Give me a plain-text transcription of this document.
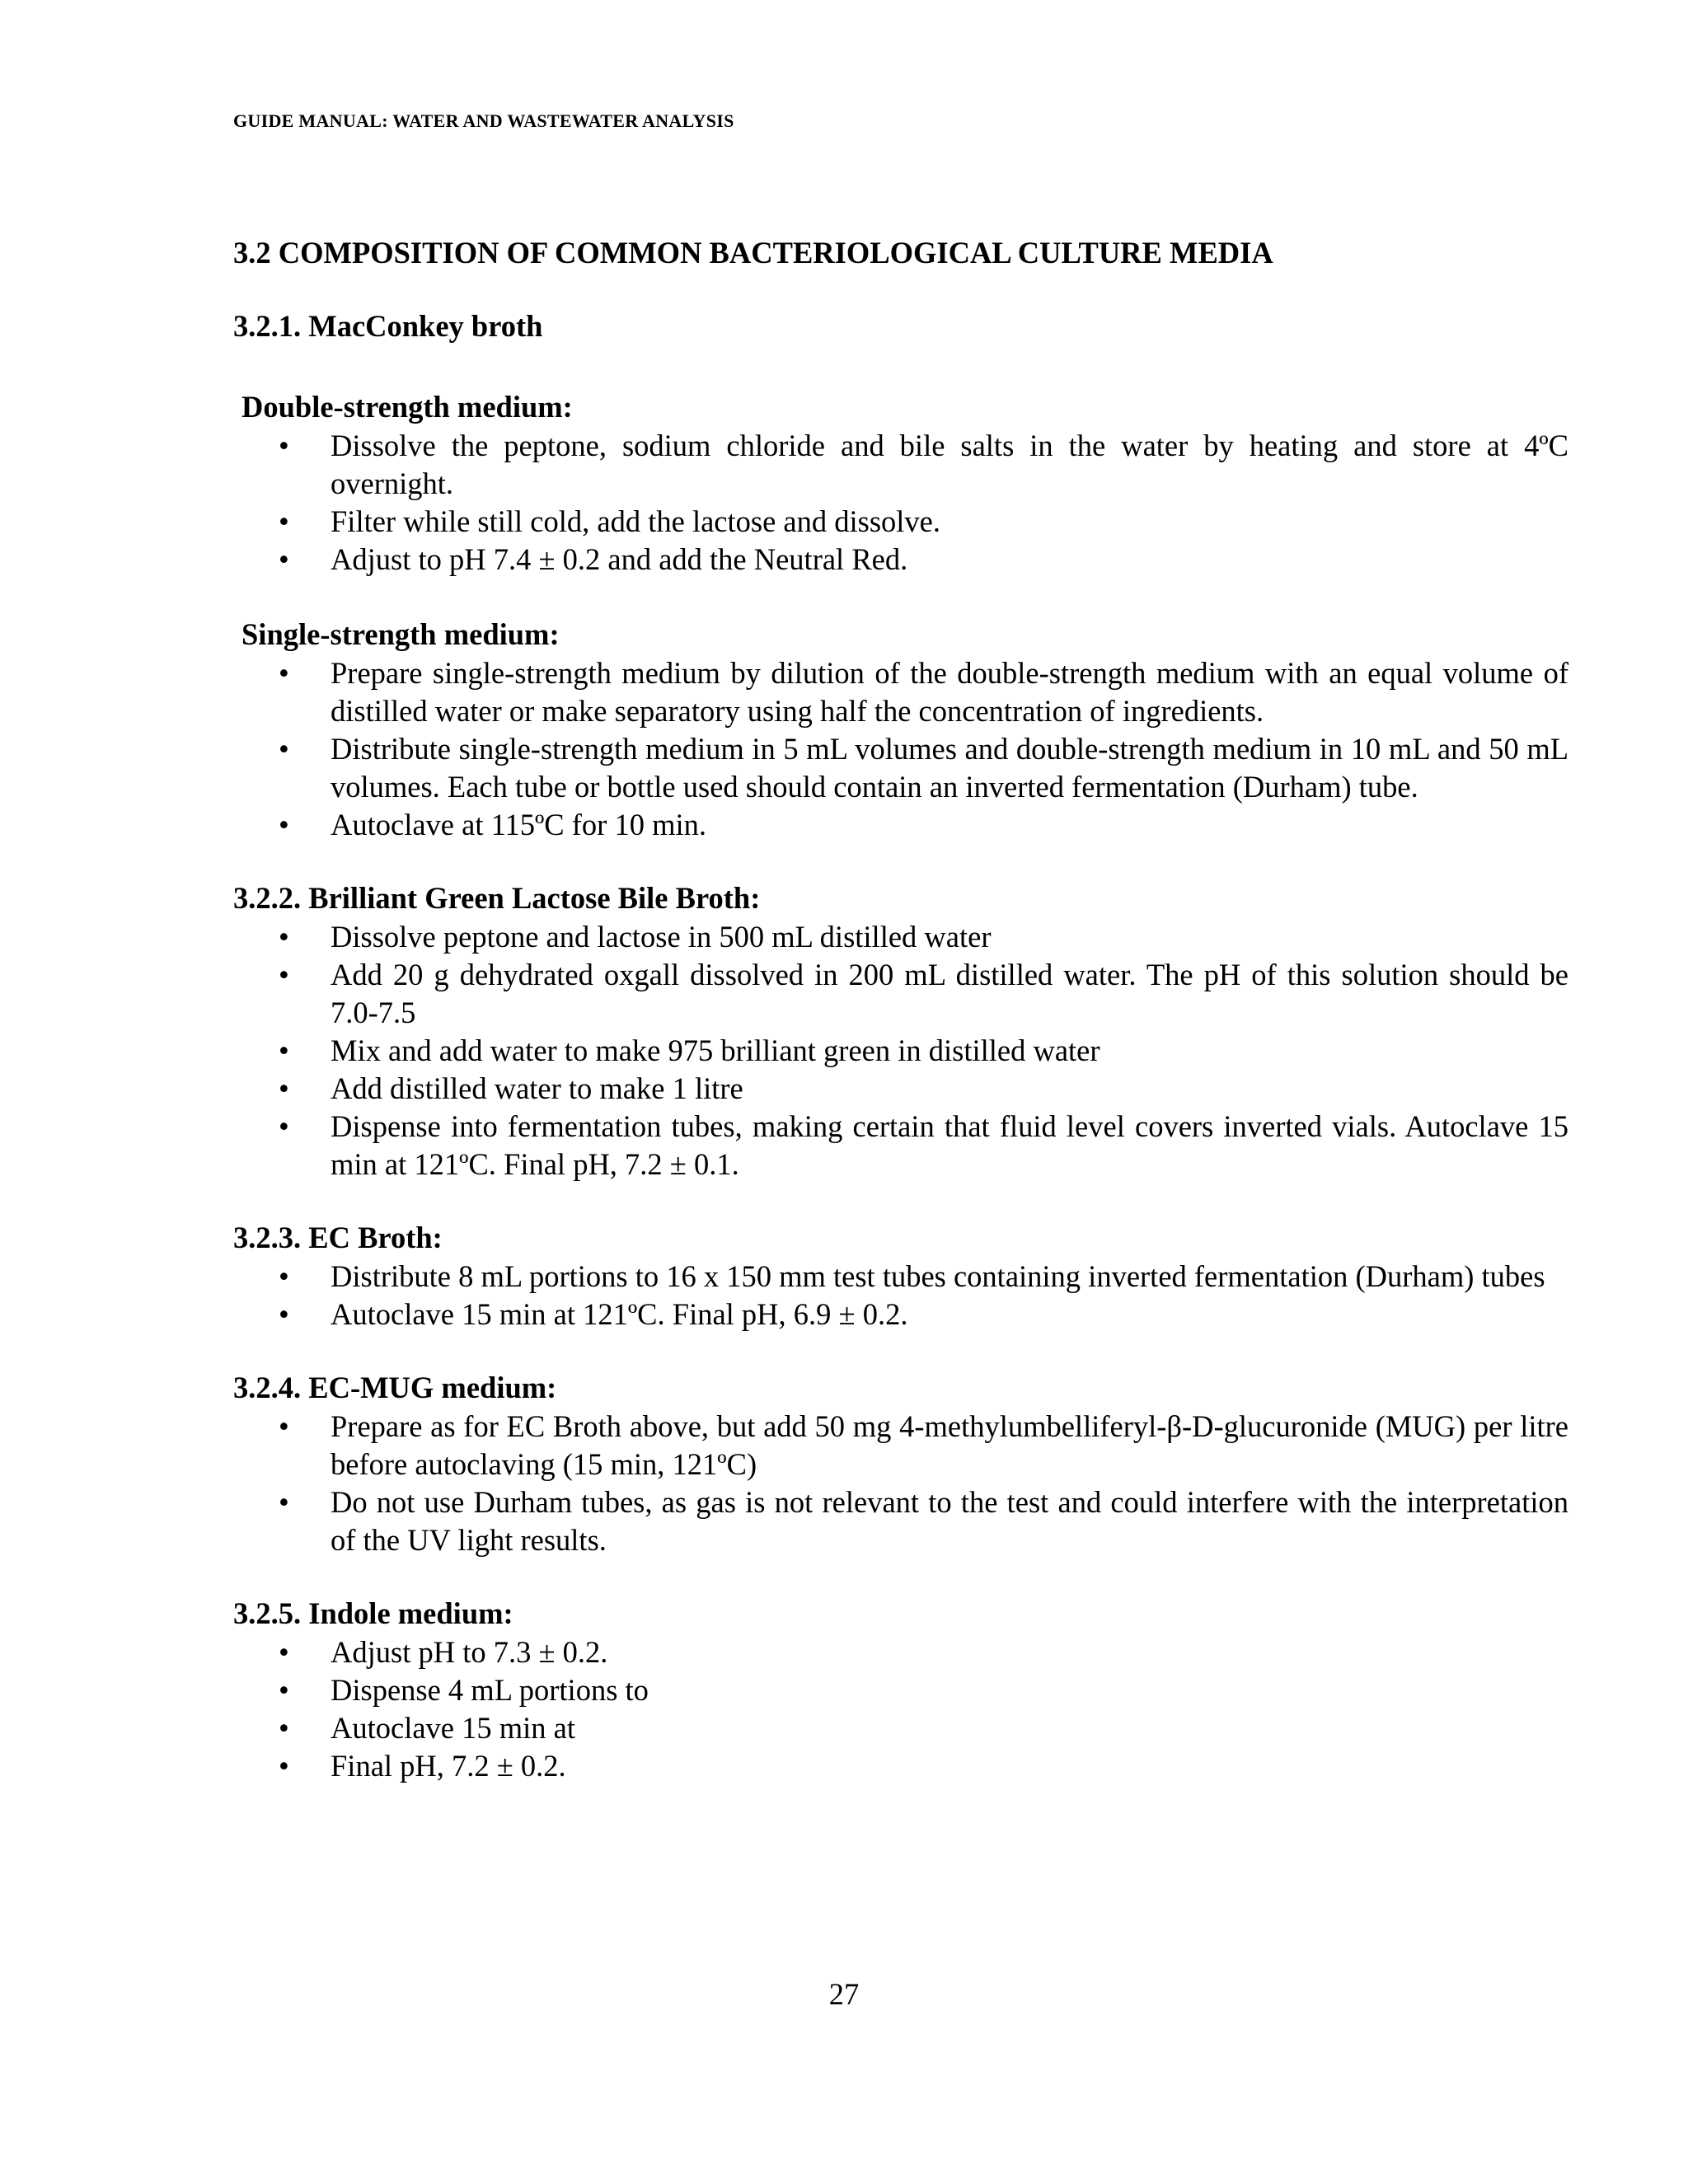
GUIDE MANUAL: WATER AND WASTEWATER ANALYSIS
3.2 COMPOSITION OF COMMON BACTERIOLOGICAL CULTURE MEDIA
3.2.1. MacConkey broth
Double-strength medium:
• Dissolve the peptone, sodium chloride and bile salts in the water by heating and store at 4ºC overnight.
• Filter while still cold, add the lactose and dissolve.
• Adjust to pH 7.4 ± 0.2 and add the Neutral Red.
Single-strength medium:
• Prepare single-strength medium by dilution of the double-strength medium with an equal volume of distilled water or make separatory using half the concentration of ingredients.
• Distribute single-strength medium in 5 mL volumes and double-strength medium in 10 mL and 50 mL volumes. Each tube or bottle used should contain an inverted fermentation (Durham) tube.
• Autoclave at 115ºC for 10 min.
3.2.2. Brilliant Green Lactose Bile Broth:
• Dissolve peptone and lactose in 500 mL distilled water
• Add 20 g dehydrated oxgall dissolved in 200 mL distilled water. The pH of this solution should be 7.0-7.5
• Mix and add water to make 975 brilliant green in distilled water
• Add distilled water to make 1 litre
• Dispense into fermentation tubes, making certain that fluid level covers inverted vials. Autoclave 15 min at 121ºC. Final pH, 7.2 ± 0.1.
3.2.3. EC Broth:
• Distribute 8 mL portions to 16 x 150 mm test tubes containing inverted fermentation (Durham) tubes
• Autoclave 15 min at 121ºC. Final pH, 6.9 ± 0.2.
3.2.4. EC-MUG medium:
• Prepare as for EC Broth above, but add 50 mg 4-methylumbelliferyl-β-D-glucuronide (MUG) per litre before autoclaving (15 min, 121ºC)
• Do not use Durham tubes, as gas is not relevant to the test and could interfere with the interpretation of the UV light results.
3.2.5. Indole medium:
• Adjust pH to 7.3 ± 0.2.
• Dispense 4 mL portions to
• Autoclave 15 min at
• Final pH, 7.2 ± 0.2.
27
